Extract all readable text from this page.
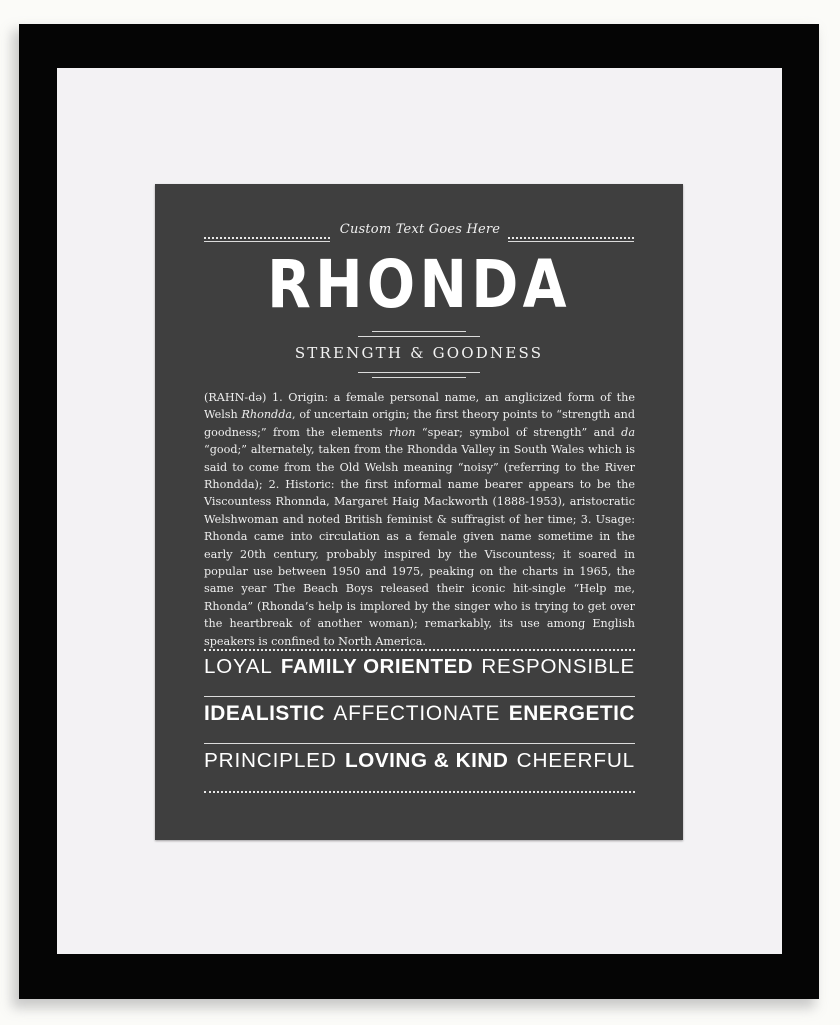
Custom Text Goes Here
RHONDA
STRENGTH & GOODNESS
(RAHN-də) 1. Origin: a female personal name, an anglicized form of the Welsh Rhondda, of uncertain origin; the first theory points to “strength and goodness;” from the elements rhon “spear; symbol of strength” and da “good;” alternately, taken from the Rhondda Valley in South Wales which is said to come from the Old Welsh meaning “noisy” (referring to the River Rhondda); 2. Historic: the first informal name bearer appears to be the Viscountess Rhonnda, Margaret Haig Mackworth (1888-1953), aristocratic Welshwoman and noted British feminist & suffragist of her time; 3. Usage: Rhonda came into circulation as a female given name sometime in the early 20th century, probably inspired by the Viscountess; it soared in popular use between 1950 and 1975, peaking on the charts in 1965, the same year The Beach Boys released their iconic hit-single “Help me, Rhonda” (Rhonda’s help is implored by the singer who is trying to get over the heartbreak of another woman); remarkably, its use among English speakers is confined to North America.
LOYAL FAMILY ORIENTED RESPONSIBLE
IDEALISTIC AFFECTIONATE ENERGETIC
PRINCIPLED LOVING & KIND CHEERFUL
